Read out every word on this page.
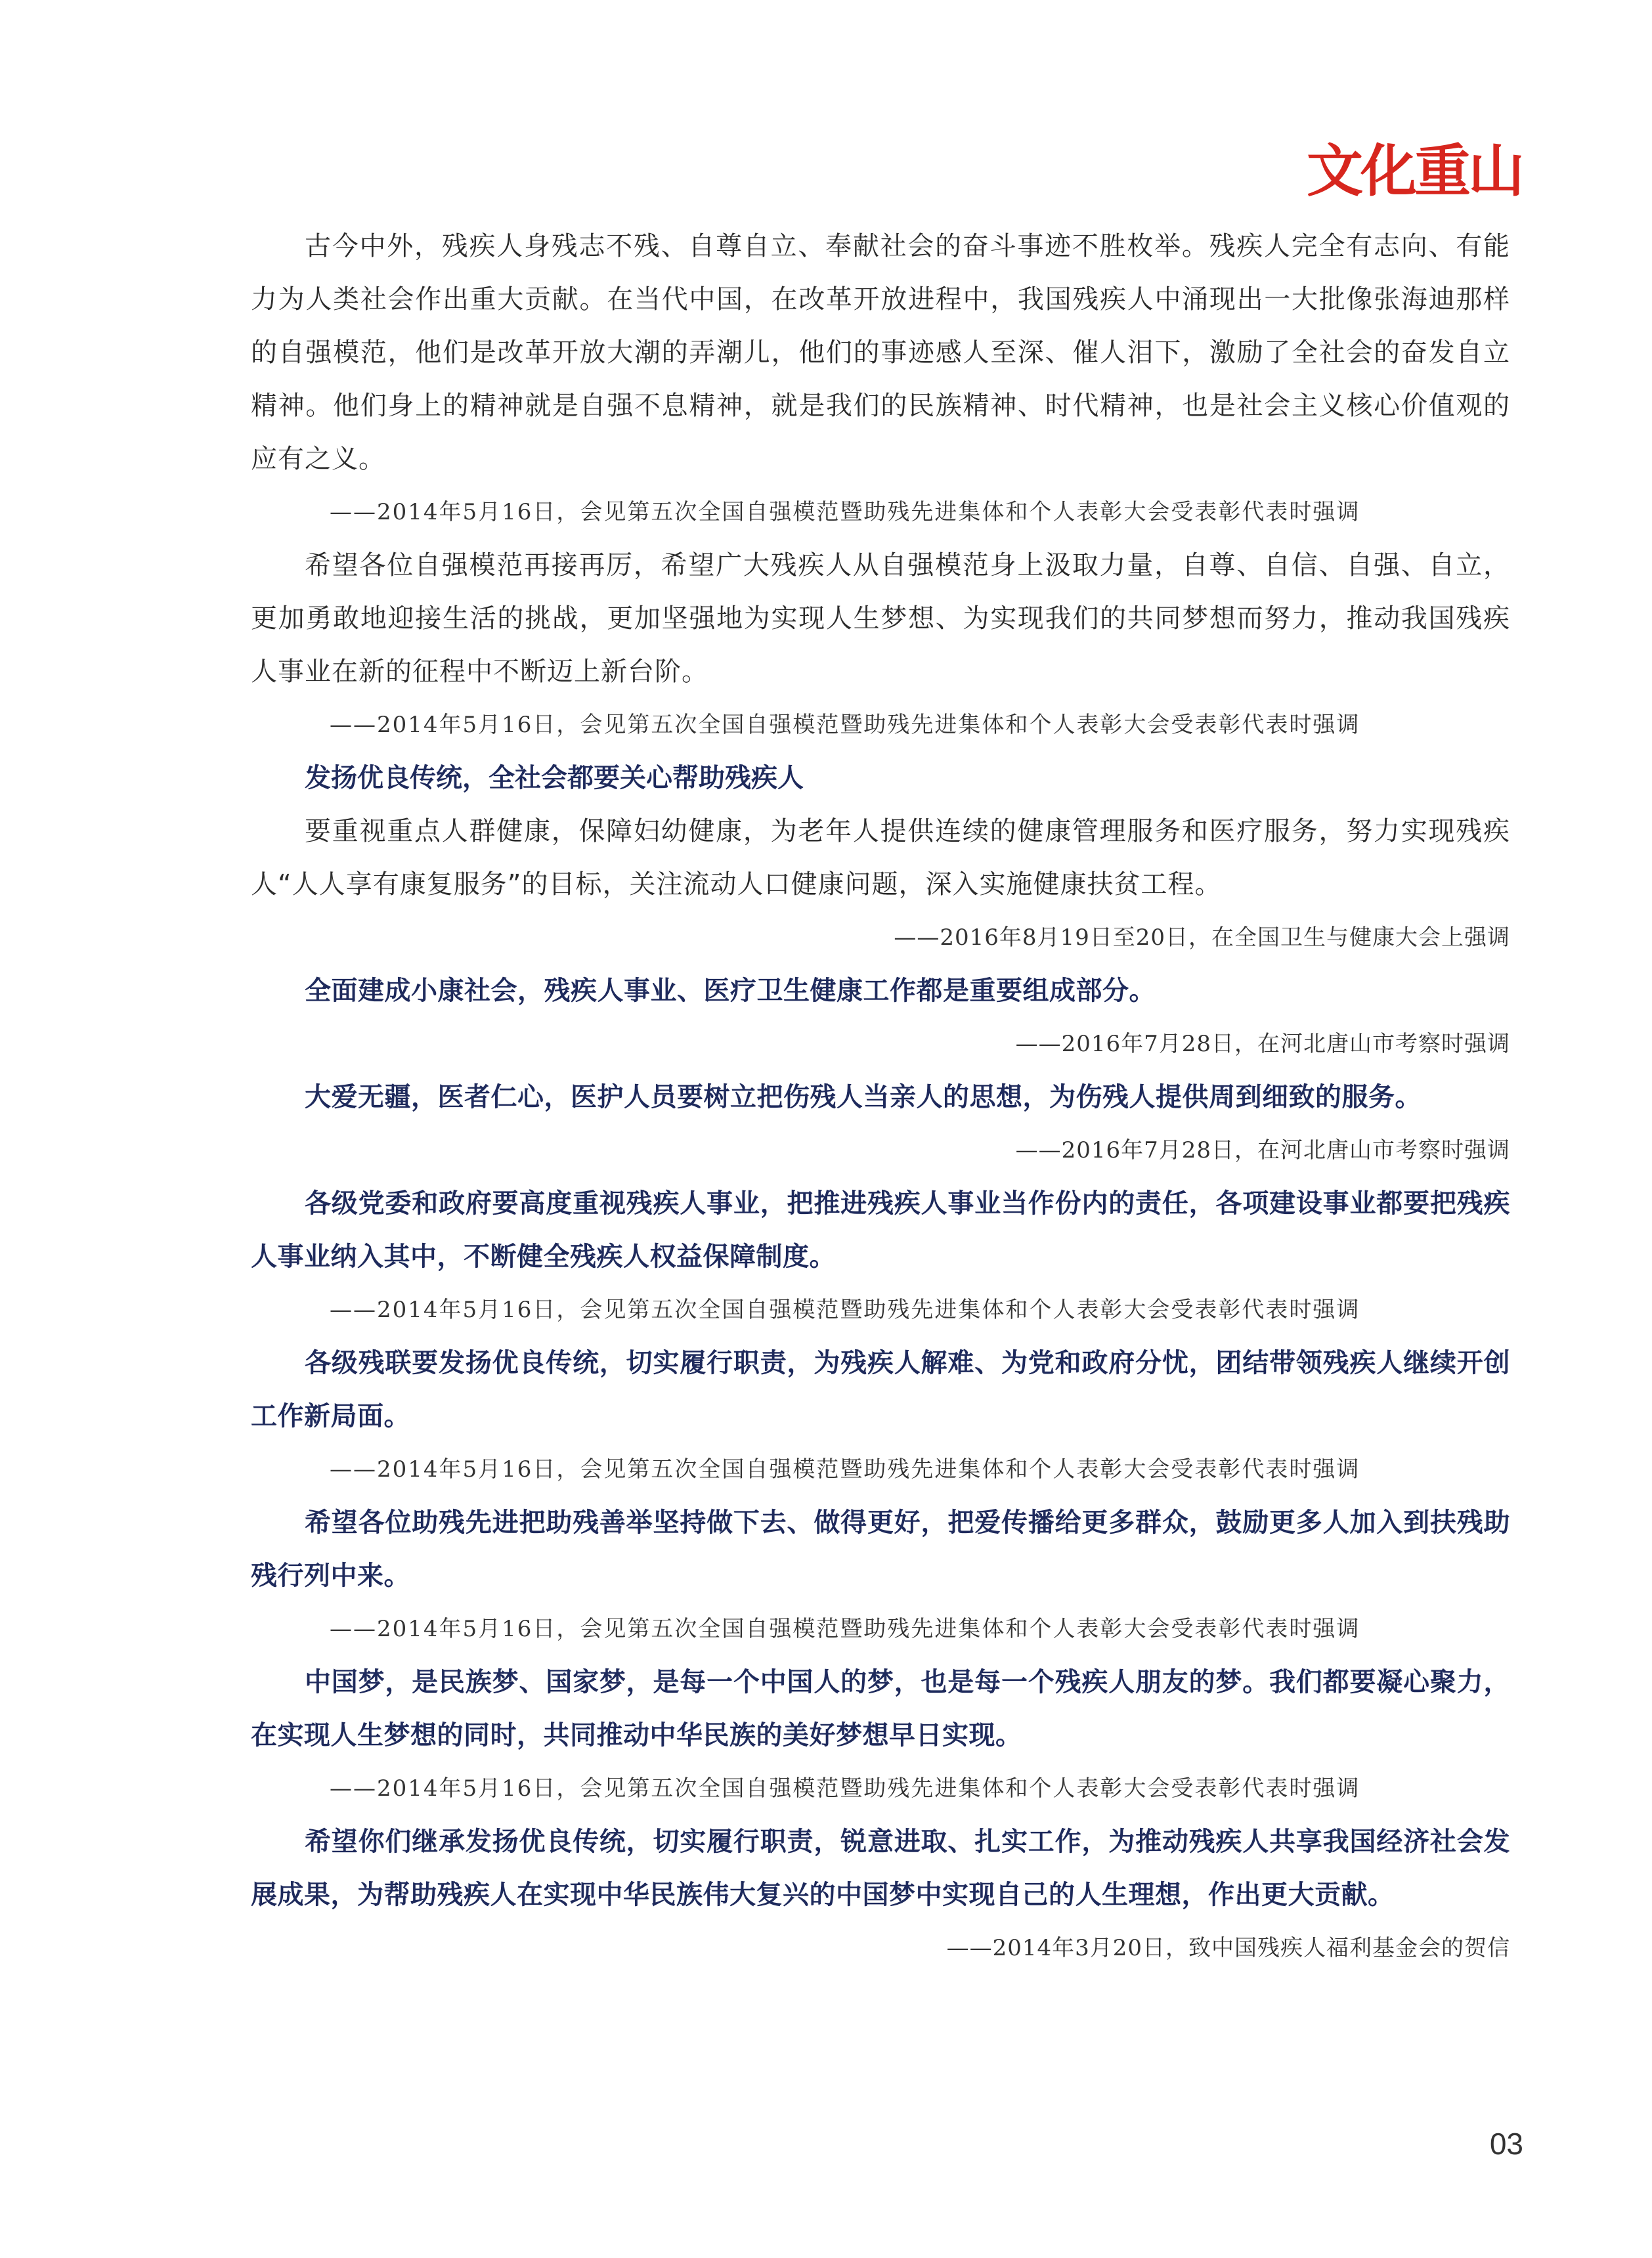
文化重山

古今中外，残疾人身残志不残、自尊自立、奉献社会的奋斗事迹不胜枚举。残疾人完全有志向、有能力为人类社会作出重大贡献。在当代中国，在改革开放进程中，我国残疾人中涌现出一大批像张海迪那样的自强模范，他们是改革开放大潮的弄潮儿，他们的事迹感人至深、催人泪下，激励了全社会的奋发自立精神。他们身上的精神就是自强不息精神，就是我们的民族精神、时代精神，也是社会主义核心价值观的应有之义。

——2014年5月16日，会见第五次全国自强模范暨助残先进集体和个人表彰大会受表彰代表时强调

希望各位自强模范再接再厉，希望广大残疾人从自强模范身上汲取力量，自尊、自信、自强、自立，更加勇敢地迎接生活的挑战，更加坚强地为实现人生梦想、为实现我们的共同梦想而努力，推动我国残疾人事业在新的征程中不断迈上新台阶。

——2014年5月16日，会见第五次全国自强模范暨助残先进集体和个人表彰大会受表彰代表时强调

发扬优良传统，全社会都要关心帮助残疾人

要重视重点人群健康，保障妇幼健康，为老年人提供连续的健康管理服务和医疗服务，努力实现残疾人“人人享有康复服务”的目标，关注流动人口健康问题，深入实施健康扶贫工程。

——2016年8月19日至20日，在全国卫生与健康大会上强调

全面建成小康社会，残疾人事业、医疗卫生健康工作都是重要组成部分。

——2016年7月28日，在河北唐山市考察时强调

大爱无疆，医者仁心，医护人员要树立把伤残人当亲人的思想，为伤残人提供周到细致的服务。

——2016年7月28日，在河北唐山市考察时强调

各级党委和政府要高度重视残疾人事业，把推进残疾人事业当作份内的责任，各项建设事业都要把残疾人事业纳入其中，不断健全残疾人权益保障制度。

——2014年5月16日，会见第五次全国自强模范暨助残先进集体和个人表彰大会受表彰代表时强调

各级残联要发扬优良传统，切实履行职责，为残疾人解难、为党和政府分忧，团结带领残疾人继续开创工作新局面。

——2014年5月16日，会见第五次全国自强模范暨助残先进集体和个人表彰大会受表彰代表时强调

希望各位助残先进把助残善举坚持做下去、做得更好，把爱传播给更多群众，鼓励更多人加入到扶残助残行列中来。

——2014年5月16日，会见第五次全国自强模范暨助残先进集体和个人表彰大会受表彰代表时强调

中国梦，是民族梦、国家梦，是每一个中国人的梦，也是每一个残疾人朋友的梦。我们都要凝心聚力，在实现人生梦想的同时，共同推动中华民族的美好梦想早日实现。

——2014年5月16日，会见第五次全国自强模范暨助残先进集体和个人表彰大会受表彰代表时强调

希望你们继承发扬优良传统，切实履行职责，锐意进取、扎实工作，为推动残疾人共享我国经济社会发展成果，为帮助残疾人在实现中华民族伟大复兴的中国梦中实现自己的人生理想，作出更大贡献。

——2014年3月20日，致中国残疾人福利基金会的贺信

03
